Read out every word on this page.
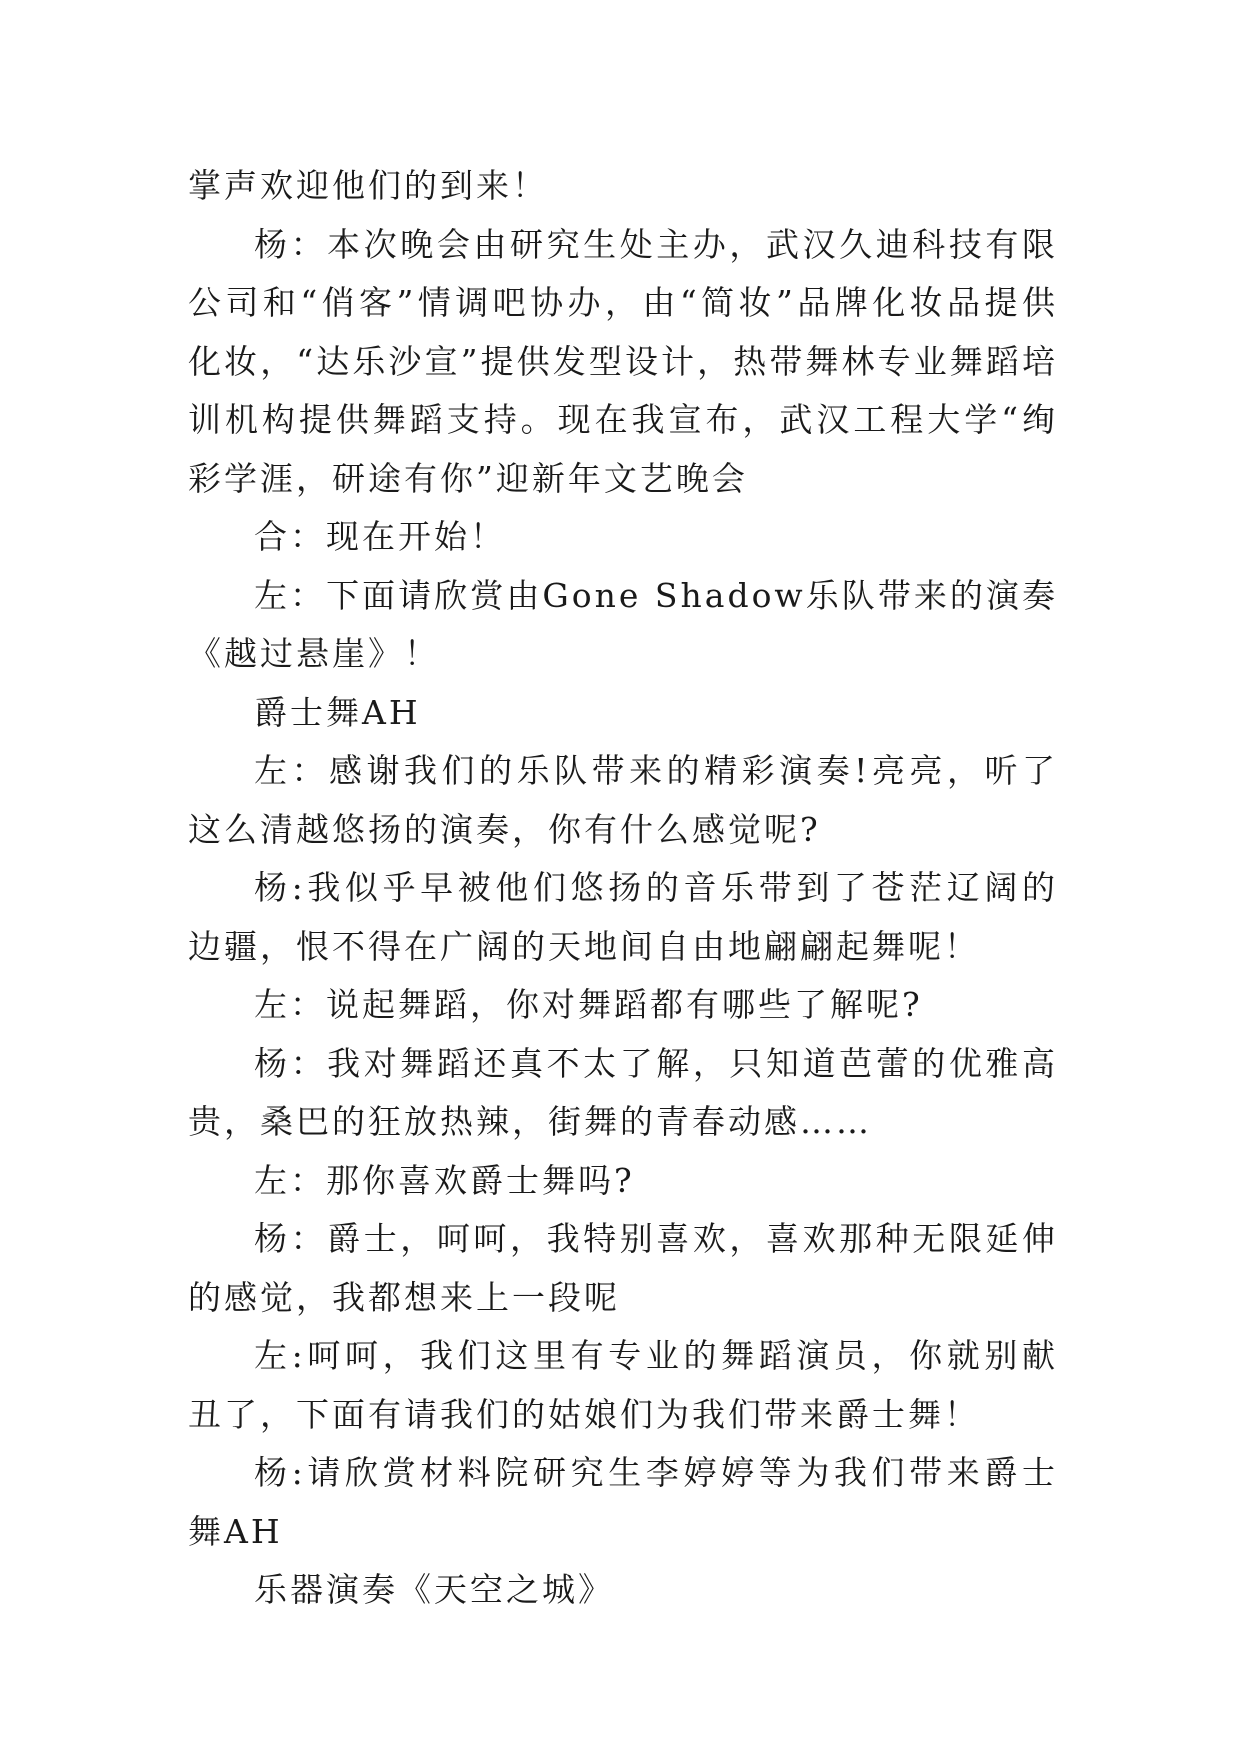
掌声欢迎他们的到来！

杨：本次晚会由研究生处主办，武汉久迪科技有限公司和“俏客”情调吧协办，由“简妆”品牌化妆品提供化妆，“达乐沙宣”提供发型设计，热带舞林专业舞蹈培训机构提供舞蹈支持。现在我宣布，武汉工程大学“绚彩学涯，研途有你”迎新年文艺晚会

合：现在开始！

左：下面请欣赏由Gone Shadow乐队带来的演奏《越过悬崖》！

爵士舞AH

左：感谢我们的乐队带来的精彩演奏!亮亮，听了这么清越悠扬的演奏，你有什么感觉呢?

杨:我似乎早被他们悠扬的音乐带到了苍茫辽阔的边疆，恨不得在广阔的天地间自由地翩翩起舞呢！

左：说起舞蹈，你对舞蹈都有哪些了解呢?

杨：我对舞蹈还真不太了解，只知道芭蕾的优雅高贵，桑巴的狂放热辣，街舞的青春动感……

左：那你喜欢爵士舞吗?

杨：爵士，呵呵，我特别喜欢，喜欢那种无限延伸的感觉，我都想来上一段呢

左:呵呵，我们这里有专业的舞蹈演员，你就别献丑了，下面有请我们的姑娘们为我们带来爵士舞！

杨:请欣赏材料院研究生李婷婷等为我们带来爵士舞AH

乐器演奏《天空之城》
